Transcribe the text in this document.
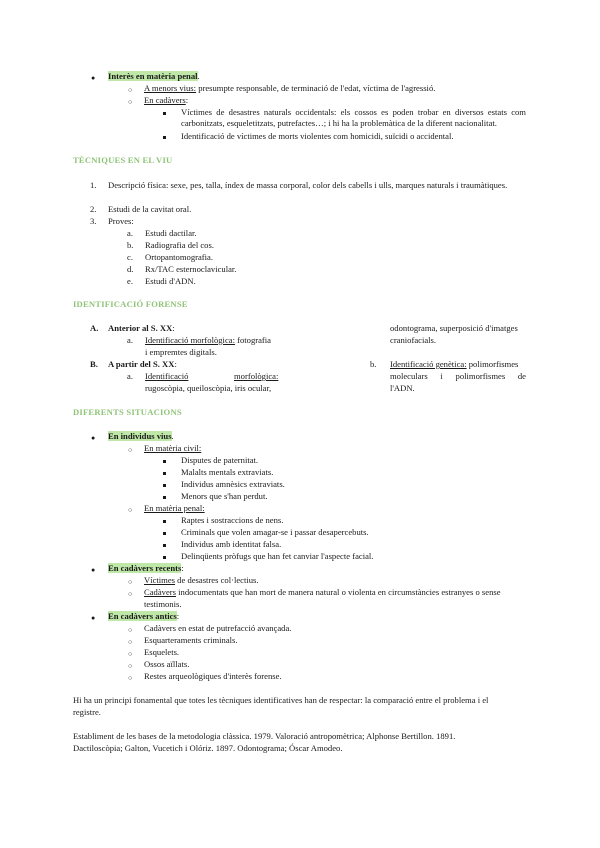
● Interès en matèria penal.
○ A menors vius: presumpte responsable, de terminació de l'edat, víctima de l'agressió.
○ En cadàvers:
Víctimes de desastres naturals occidentals: els cossos es poden trobar en diversos estats com carbonitzats, esqueletitzats, putrefactes…; i hi ha la problemàtica de la diferent nacionalitat.
Identificació de víctimes de morts violentes com homicidi, suïcidi o accidental.
TÈCNIQUES EN EL VIU
1. Descripció física: sexe, pes, talla, índex de massa corporal, color dels cabells i ulls, marques naturals i traumàtiques.
2. Estudi de la cavitat oral.
3. Proves:
a. Estudi dactilar.
b. Radiografia del cos.
c. Ortopantomografia.
d. Rx/TAC esternoclavicular.
e. Estudi d'ADN.
IDENTIFICACIÓ FORENSE
A. Anterior al S. XX:
a. Identificació morfològica: fotografia
i empremtes digitals.
B. A partir del S. XX:
a. Identificació	morfològica:
rugoscòpia, queiloscòpia, iris ocular,
odontograma, superposició d'imatges
craniofacials.
b. Identificació genètica: polimorfismes
moleculars i polimorfismes de
l'ADN.
DIFERENTS SITUACIONS
● En individus vius.
○ En matèria civil:
Disputes de paternitat.
Malalts mentals extraviats.
Individus amnèsics extraviats.
Menors que s'han perdut.
○ En matèria penal:
Raptes i sostraccions de nens.
Criminals que volen amagar-se i passar desapercebuts.
Individus amb identitat falsa.
Delinqüents pròfugs que han fet canviar l'aspecte facial.
● En cadàvers recents:
○ Víctimes de desastres col·lectius.
○ Cadàvers indocumentats que han mort de manera natural o violenta en circumstàncies estranyes o sense
testimonis.
● En cadàvers antics:
○ Cadàvers en estat de putrefacció avançada.
○ Esquarteraments criminals.
○ Esquelets.
○ Ossos aïllats.
○ Restes arqueològiques d'interès forense.
Hi ha un principi fonamental que totes les tècniques identificatives han de respectar: la comparació entre el problema i el
registre.
Establiment de les bases de la metodologia clàssica. 1979. Valoració antropomètrica; Alphonse Bertillon. 1891.
Dactiloscòpia; Galton, Vucetich i Olóriz. 1897. Odontograma; Óscar Amodeo.
